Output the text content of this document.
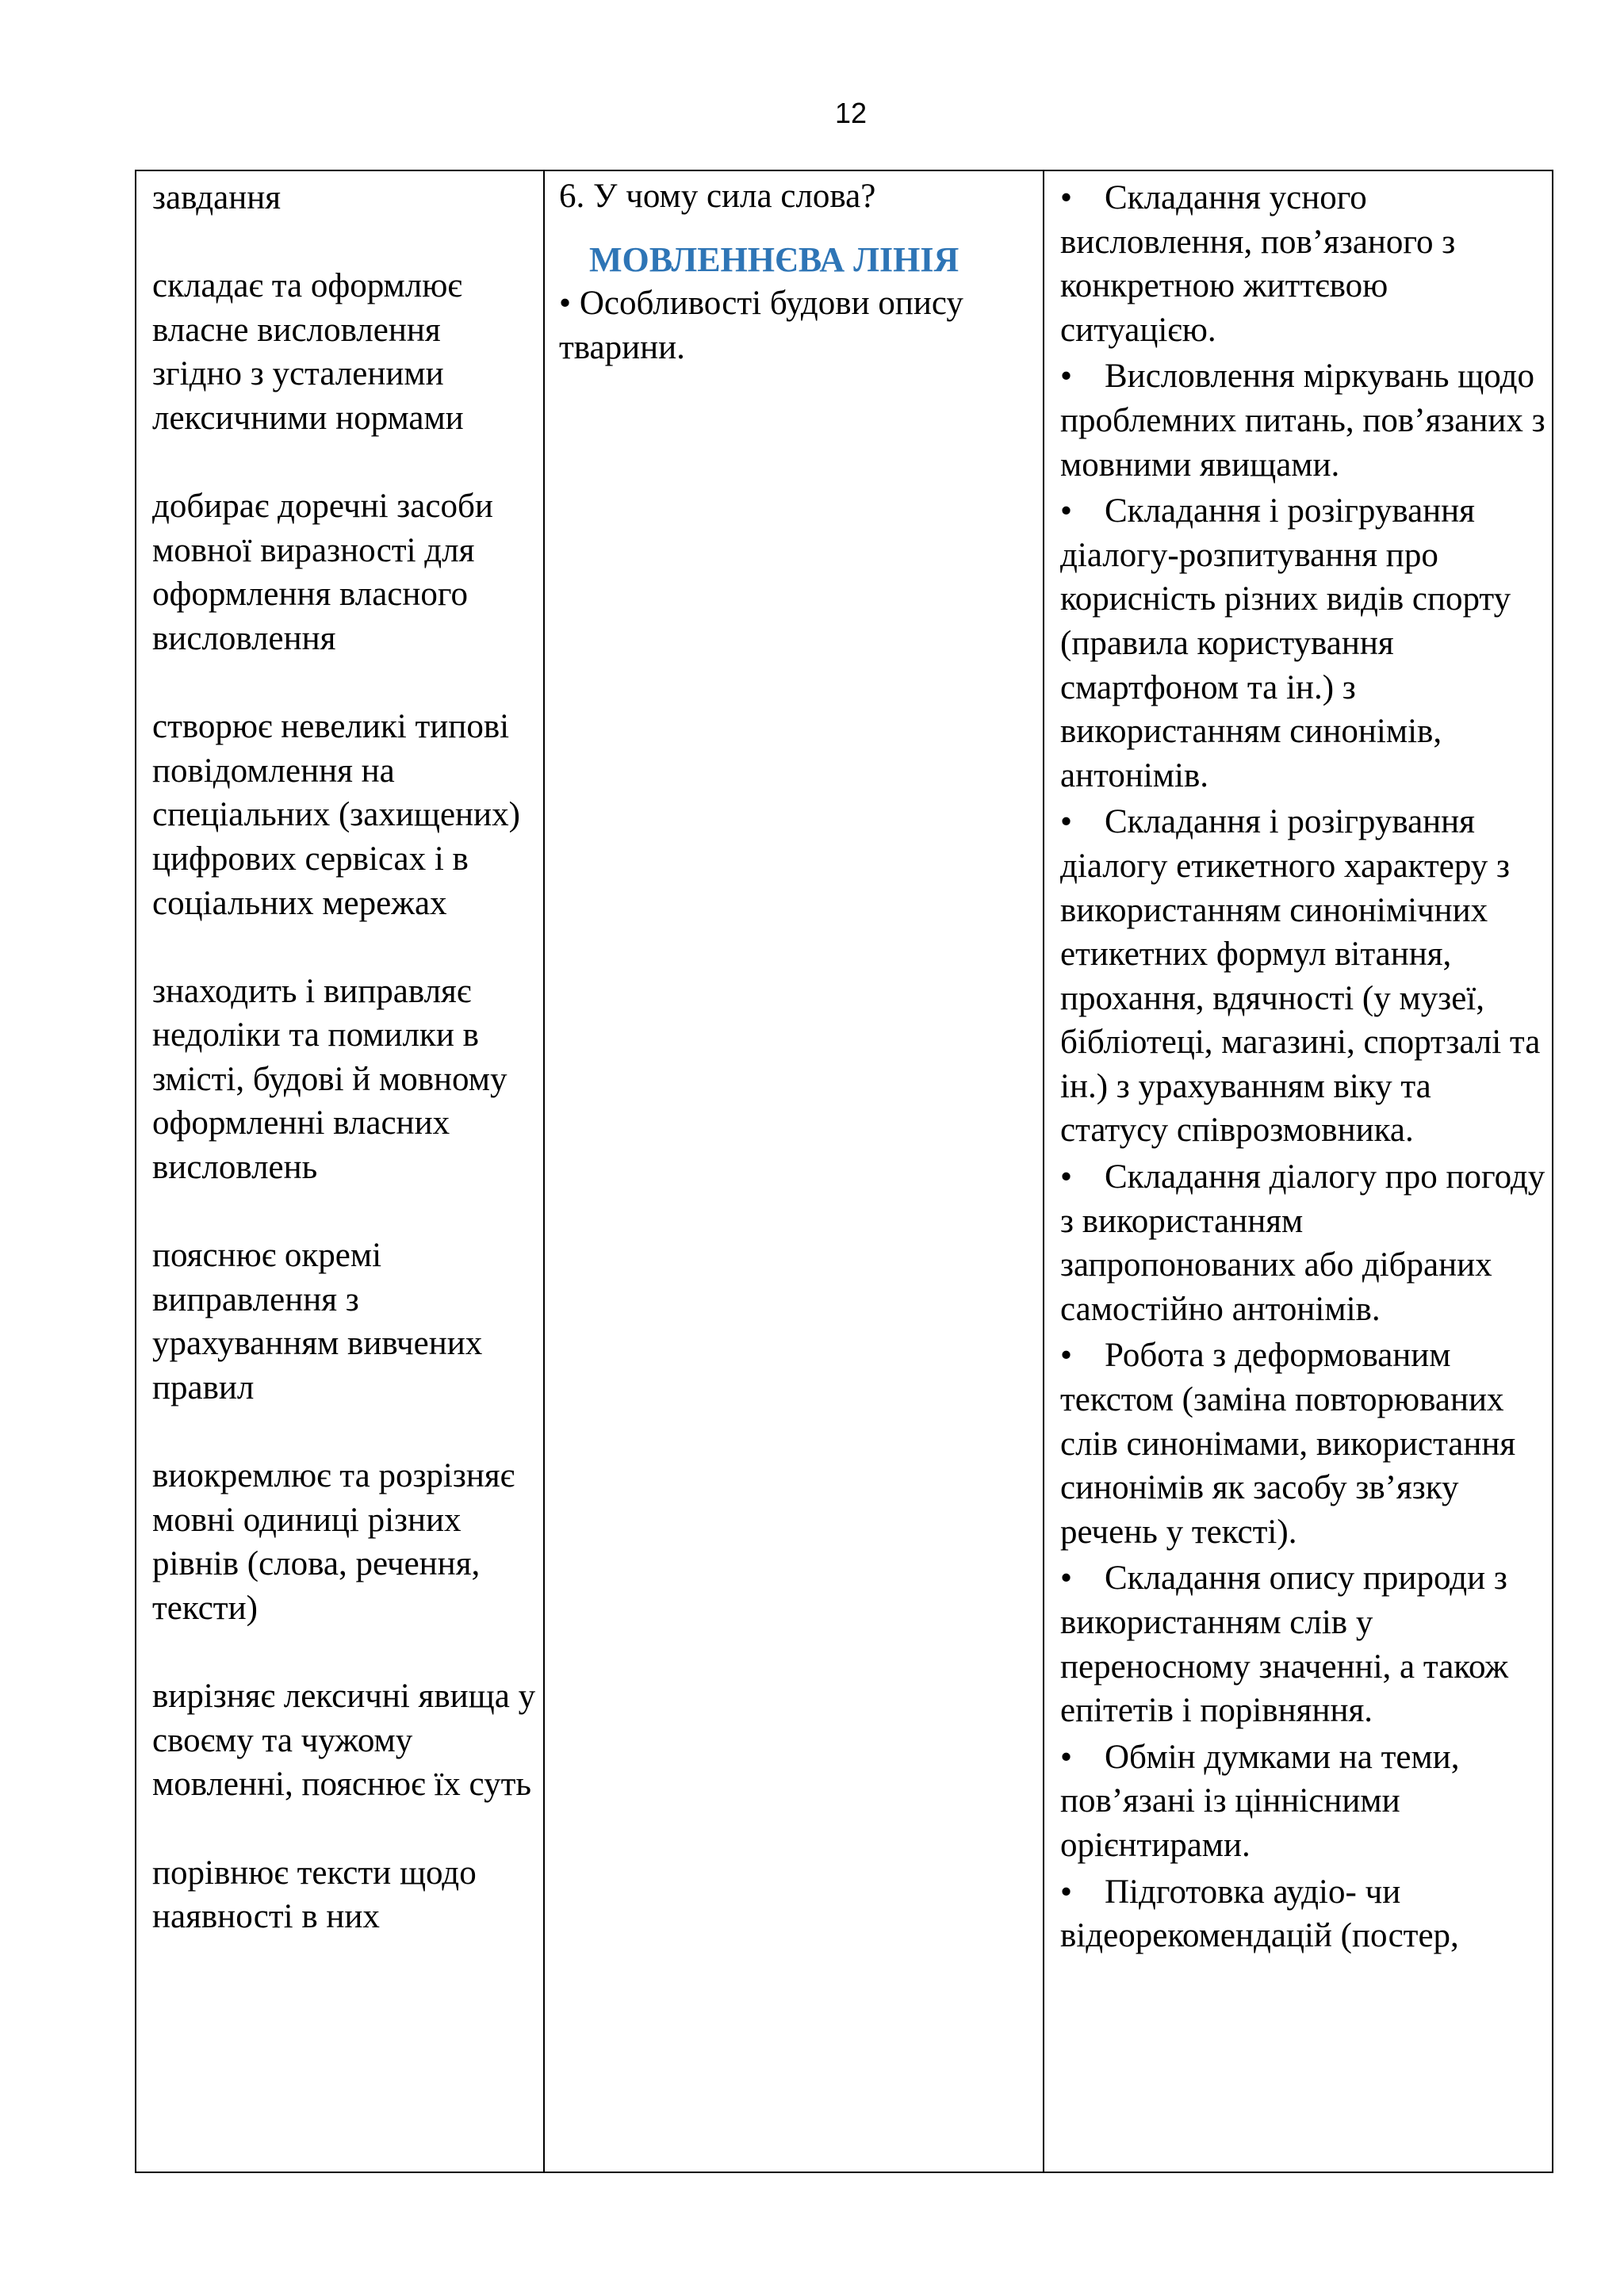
12

завдання

складає та оформлює власне висловлення згідно з усталеними лексичними нормами

добирає доречні засоби мовної виразності для оформлення власного висловлення

створює невеликі типові повідомлення на спеціальних (захищених) цифрових сервісах і в соціальних мережах

знаходить і виправляє недоліки та помилки в змісті, будові й мовному оформленні власних висловлень

пояснює окремі виправлення з урахуванням вивчених правил

виокремлює та розрізняє мовні одиниці різних рівнів (слова, речення, тексти)

вирізняє лексичні явища у своєму та чужому мовленні, пояснює їх суть

порівнює тексти щодо наявності в них

6. У чому сила слова?
МОВЛЕННЄВА ЛІНІЯ
• Особливості будови опису тварини.

• Складання усного висловлення, пов’язаного з конкретною життєвою ситуацією.
• Висловлення міркувань щодо проблемних питань, пов’язаних з мовними явищами.
• Складання і розігрування діалогу-розпитування про корисність різних видів спорту (правила користування смартфоном та ін.) з використанням синонімів, антонімів.
• Складання і розігрування діалогу етикетного характеру з використанням синонімічних етикетних формул вітання, прохання, вдячності (у музеї, бібліотеці, магазині, спортзалі та ін.) з урахуванням віку та статусу співрозмовника.
• Складання діалогу про погоду з використанням запропонованих або дібраних самостійно антонімів.
• Робота з деформованим текстом (заміна повторюваних слів синонімами, використання синонімів як засобу зв’язку речень у тексті).
• Складання опису природи з використанням слів у переносному значенні, а також епітетів і порівняння.
• Обмін думками на теми, пов’язані із ціннісними орієнтирами.
• Підготовка аудіо- чи відеорекомендацій (постер,
